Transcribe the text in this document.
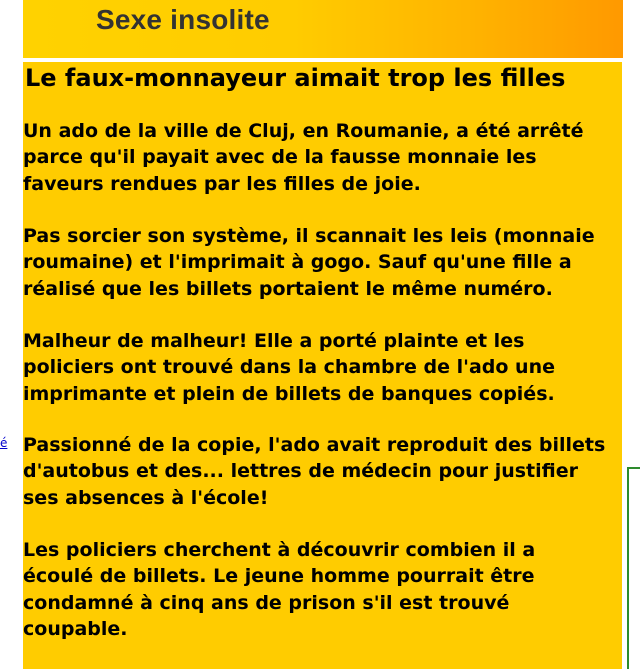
Sexe insolite
é
Le faux-monnayeur aimait trop les filles

Un ado de la ville de Cluj, en Roumanie, a été arrêté
parce qu'il payait avec de la fausse monnaie les
faveurs rendues par les filles de joie.

Pas sorcier son système, il scannait les leis (monnaie
roumaine) et l'imprimait à gogo. Sauf qu'une fille a
réalisé que les billets portaient le même numéro.

Malheur de malheur! Elle a porté plainte et les
policiers ont trouvé dans la chambre de l'ado une
imprimante et plein de billets de banques copiés.

Passionné de la copie, l'ado avait reproduit des billets
d'autobus et des... lettres de médecin pour justifier
ses absences à l'école!

Les policiers cherchent à découvrir combien il a
écoulé de billets. Le jeune homme pourrait être
condamné à cinq ans de prison s'il est trouvé
coupable.
